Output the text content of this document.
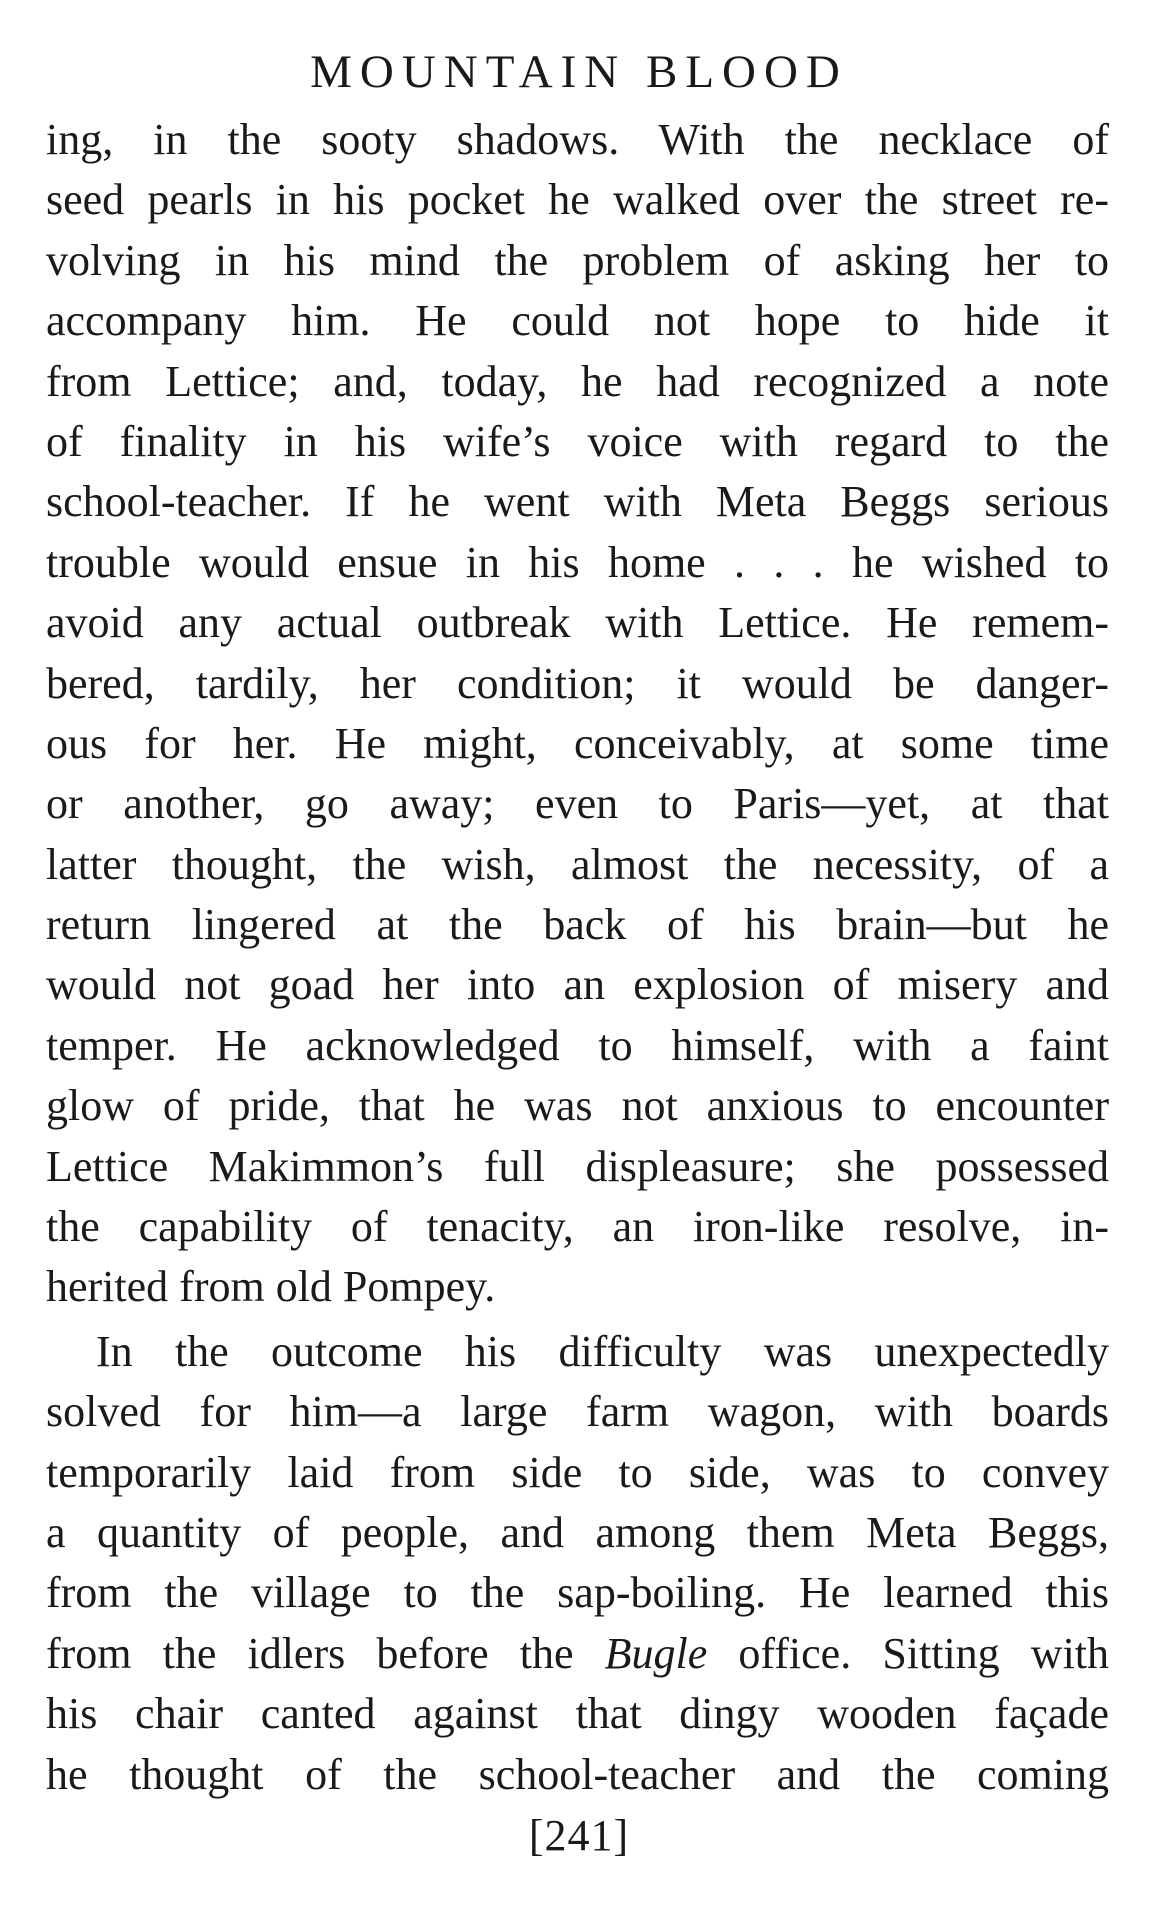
MOUNTAIN BLOOD
ing, in the sooty shadows. With the necklace of
seed pearls in his pocket he walked over the street re-
volving in his mind the problem of asking her to
accompany him. He could not hope to hide it
from Lettice; and, today, he had recognized a note
of finality in his wife’s voice with regard to the
school-teacher. If he went with Meta Beggs serious
trouble would ensue in his home . . . he wished to
avoid any actual outbreak with Lettice. He remem-
bered, tardily, her condition; it would be danger-
ous for her. He might, conceivably, at some time
or another, go away; even to Paris—yet, at that
latter thought, the wish, almost the necessity, of a
return lingered at the back of his brain—but he
would not goad her into an explosion of misery and
temper. He acknowledged to himself, with a faint
glow of pride, that he was not anxious to encounter
Lettice Makimmon’s full displeasure; she possessed
the capability of tenacity, an iron-like resolve, in-
herited from old Pompey.
In the outcome his difficulty was unexpectedly
solved for him—a large farm wagon, with boards
temporarily laid from side to side, was to convey
a quantity of people, and among them Meta Beggs,
from the village to the sap-boiling. He learned this
from the idlers before the Bugle office. Sitting with
his chair canted against that dingy wooden façade
he thought of the school-teacher and the coming
[241]
